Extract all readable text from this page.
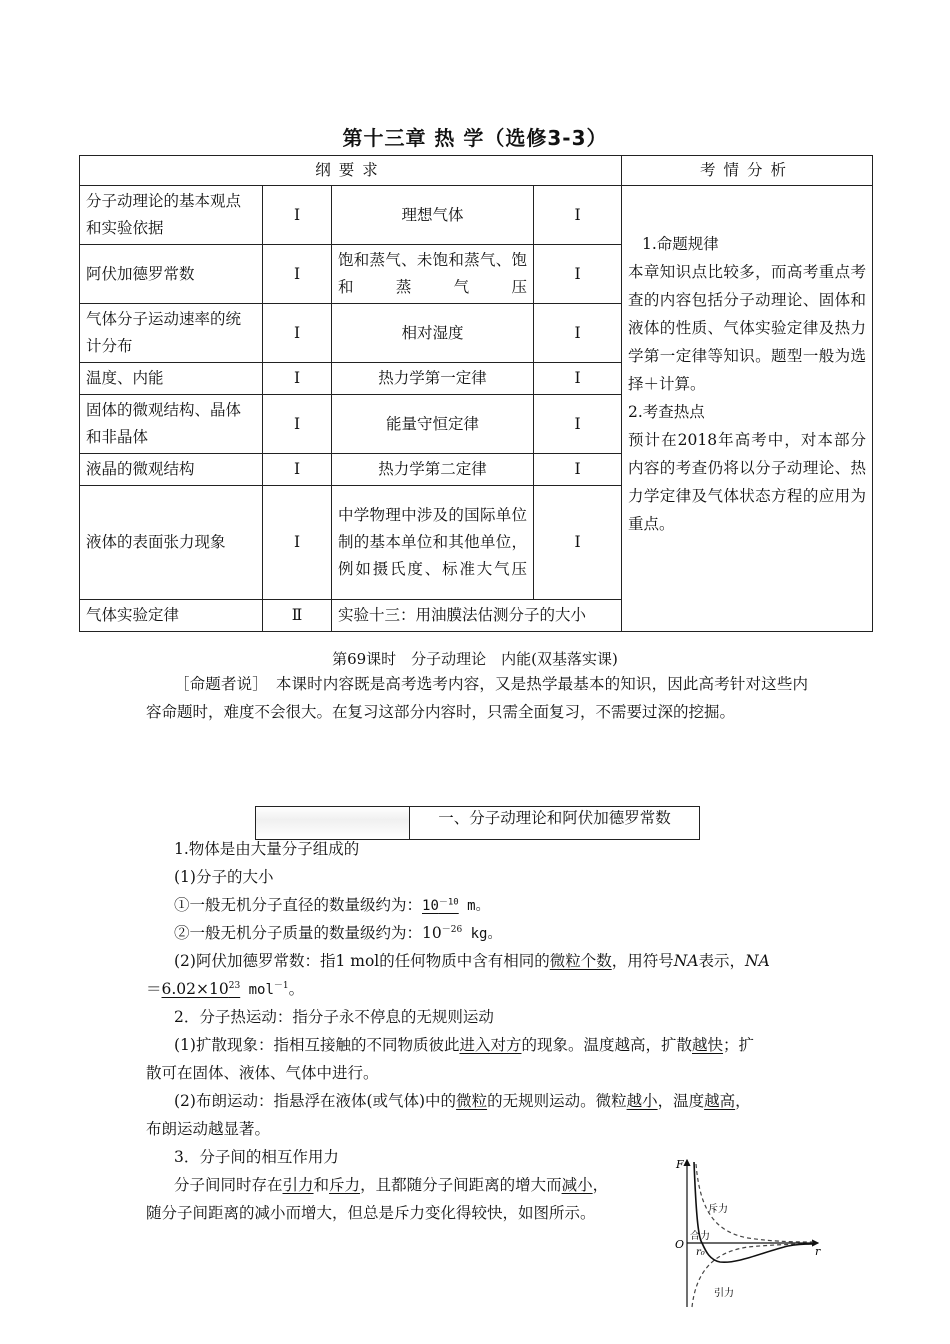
第十三章 热 学（选修3-3）
纲要求				考情分析
分子动理论的基本观点和实验依据	Ⅰ	理想气体	Ⅰ	1.命题规律
本章知识点比较多，而高考重点考查的内容包括分子动理论、固体和液体的性质、气体实验定律及热力学第一定律等知识。题型一般为选择＋计算。
2.考查热点
预计在2018年高考中，对本部分内容的考查仍将以分子动理论、热力学定律及气体状态方程的应用为重点。

阿伏加德罗常数	Ⅰ	饱和蒸气、未饱和蒸气、饱和蒸气压	Ⅰ	
气体分子运动速率的统计分布	Ⅰ	相对湿度	Ⅰ	
温度、内能	Ⅰ	热力学第一定律	Ⅰ	
固体的微观结构、晶体和非晶体	Ⅰ	能量守恒定律	Ⅰ	
液晶的微观结构	Ⅰ	热力学第二定律	Ⅰ	
液体的表面张力现象	Ⅰ	中学物理中涉及的国际单位制的基本单位和其他单位，例如摄氏度、标准大气压	Ⅰ	
气体实验定律	Ⅱ	实验十三：用油膜法估测分子的大小		
第69课时　分子动理论　内能(双基落实课)
［命题者说］　本课时内容既是高考选考内容，又是热学最基本的知识，因此高考针对这些内容命题时，难度不会很大。在复习这部分内容时，只需全面复习，不需要过深的挖掘。
一、分子动理论和阿伏加德罗常数
1.物体是由大量分子组成的
(1)分子的大小
①一般无机分子直径的数量级约为：$10^{-10}$ m。
②一般无机分子质量的数量级约为：$10^{-26}$ kg。
(2)阿伏加德罗常数：指1 mol的任何物质中含有相同的微粒个数，用符号NA表示，NA
$=6.02\times 10^{23}$ mol$^{-1}$。
2．分子热运动：指分子永不停息的无规则运动
(1)扩散现象：指相互接触的不同物质彼此进入对方的现象。温度越高，扩散越快；扩
散可在固体、液体、气体中进行。
(2)布朗运动：指悬浮在液体(或气体)中的微粒的无规则运动。微粒越小，温度越高，
布朗运动越显著。
3．分子间的相互作用力
分子间同时存在引力和斥力，且都随分子间距离的增大而减小，
随分子间距离的减小而增大，但总是斥力变化得较快，如图所示。
F
O
r
r₀
斥力
合力
引力
